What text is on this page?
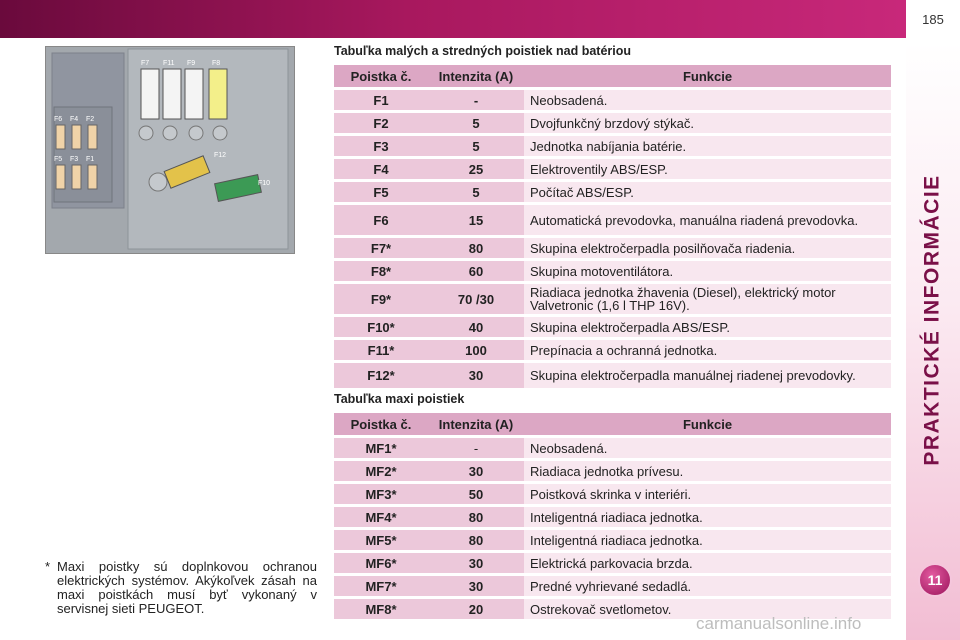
185
PRAKTICKÉ INFORMÁCIE
11
F7 F11 F9 F8
F6 F4 F2
F5 F3 F1
F12
F10
Tabuľka malých a stredných poistiek nad batériou
Poistka č.	Intenzita (A)	Funkcie
F1	-	Neobsadená.
F2	5	Dvojfunkčný brzdový stýkač.
F3	5	Jednotka nabíjania batérie.
F4	25	Elektroventily ABS/ESP.
F5	5	Počítač ABS/ESP.
F6	15	Automatická prevodovka, manuálna riadená prevodovka.
F7*	80	Skupina elektročerpadla posilňovača riadenia.
F8*	60	Skupina motoventilátora.
F9*	70 /30	Riadiaca jednotka žhavenia (Diesel), elektrický motor Valvetronic (1,6 l THP 16V).
F10*	40	Skupina elektročerpadla ABS/ESP.
F11*	100	Prepínacia a ochranná jednotka.
F12*	30	Skupina elektročerpadla manuálnej riadenej prevodovky.
Tabuľka maxi poistiek
Poistka č.	Intenzita (A)	Funkcie
MF1*	-	Neobsadená.
MF2*	30	Riadiaca jednotka prívesu.
MF3*	50	Poistková skrinka v interiéri.
MF4*	80	Inteligentná riadiaca jednotka.
MF5*	80	Inteligentná riadiaca jednotka.
MF6*	30	Elektrická parkovacia brzda.
MF7*	30	Predné vyhrievané sedadlá.
MF8*	20	Ostrekovač svetlometov.
* Maxi poistky sú doplnkovou ochranou elektrických systémov. Akýkoľvek zásah na maxi poistkách musí byť vykonaný v servisnej sieti PEUGEOT.
carmanualsonline.info
